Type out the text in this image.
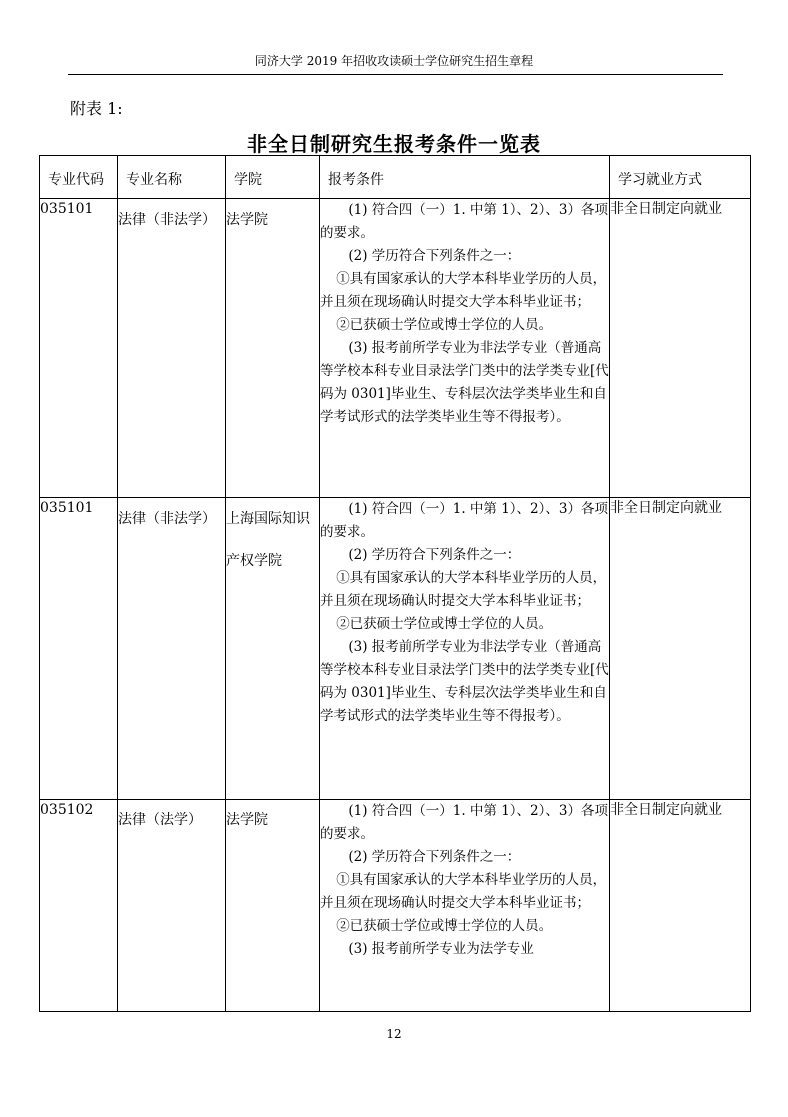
同济大学 2019 年招收攻读硕士学位研究生招生章程
附表 1:
非全日制研究生报考条件一览表
专业代码	专业名称	学院	报考条件	学习就业方式

035101	法律（非法学）	法学院	(1) 符合四（一）1. 中第 1）、2）、3）各项的要求。

(2) 学历符合下列条件之一：

①具有国家承认的大学本科毕业学历的人员，并且须在现场确认时提交大学本科毕业证书；

②已获硕士学位或博士学位的人员。

(3) 报考前所学专业为非法学专业（普通高等学校本科专业目录法学门类中的法学类专业[代码为 0301]毕业生、专科层次法学类毕业生和自学考试形式的法学类毕业生等不得报考）。	非全日制定向就业
035101	法律（非法学）	上海国际知识产权学院	(1) 符合四（一）1. 中第 1）、2）、3）各项的要求。

(2) 学历符合下列条件之一：

①具有国家承认的大学本科毕业学历的人员，并且须在现场确认时提交大学本科毕业证书；

②已获硕士学位或博士学位的人员。

(3) 报考前所学专业为非法学专业（普通高等学校本科专业目录法学门类中的法学类专业[代码为 0301]毕业生、专科层次法学类毕业生和自学考试形式的法学类毕业生等不得报考）。	非全日制定向就业
035102	法律（法学）	法学院	(1) 符合四（一）1. 中第 1）、2）、3）各项的要求。

(2) 学历符合下列条件之一：

①具有国家承认的大学本科毕业学历的人员，并且须在现场确认时提交大学本科毕业证书；

②已获硕士学位或博士学位的人员。

(3) 报考前所学专业为法学专业	非全日制定向就业
12
